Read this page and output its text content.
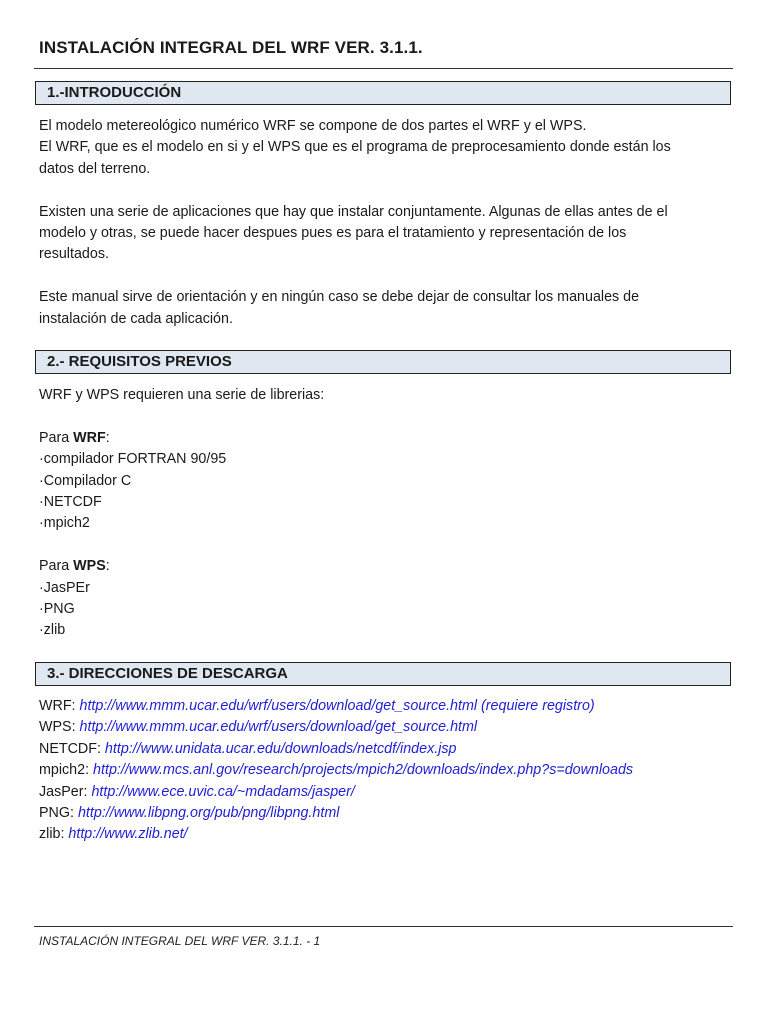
INSTALACIÓN INTEGRAL DEL WRF VER. 3.1.1.
1.-INTRODUCCIÓN
El modelo metereológico numérico WRF se compone de dos partes el WRF y el WPS.
El WRF, que es el modelo en si y el WPS que es el programa de preprocesamiento donde están los
datos del terreno.
Existen una serie de aplicaciones que hay que instalar conjuntamente. Algunas de ellas antes de el
modelo y otras, se puede hacer despues pues es para el tratamiento y representación de los
resultados.
Este manual sirve de orientación y en ningún caso se debe dejar de consultar los manuales de
instalación de cada aplicación.
2.- REQUISITOS PREVIOS
WRF y WPS requieren una serie de librerias:
Para WRF:
·compilador FORTRAN 90/95
·Compilador C
·NETCDF
·mpich2
Para WPS:
·JasPEr
·PNG
·zlib
3.- DIRECCIONES DE DESCARGA
WRF: http://www.mmm.ucar.edu/wrf/users/download/get_source.html (requiere registro)
WPS: http://www.mmm.ucar.edu/wrf/users/download/get_source.html
NETCDF: http://www.unidata.ucar.edu/downloads/netcdf/index.jsp
mpich2: http://www.mcs.anl.gov/research/projects/mpich2/downloads/index.php?s=downloads
JasPer: http://www.ece.uvic.ca/~mdadams/jasper/
PNG: http://www.libpng.org/pub/png/libpng.html
zlib: http://www.zlib.net/
INSTALACIÓN INTEGRAL DEL WRF VER. 3.1.1. - 1
